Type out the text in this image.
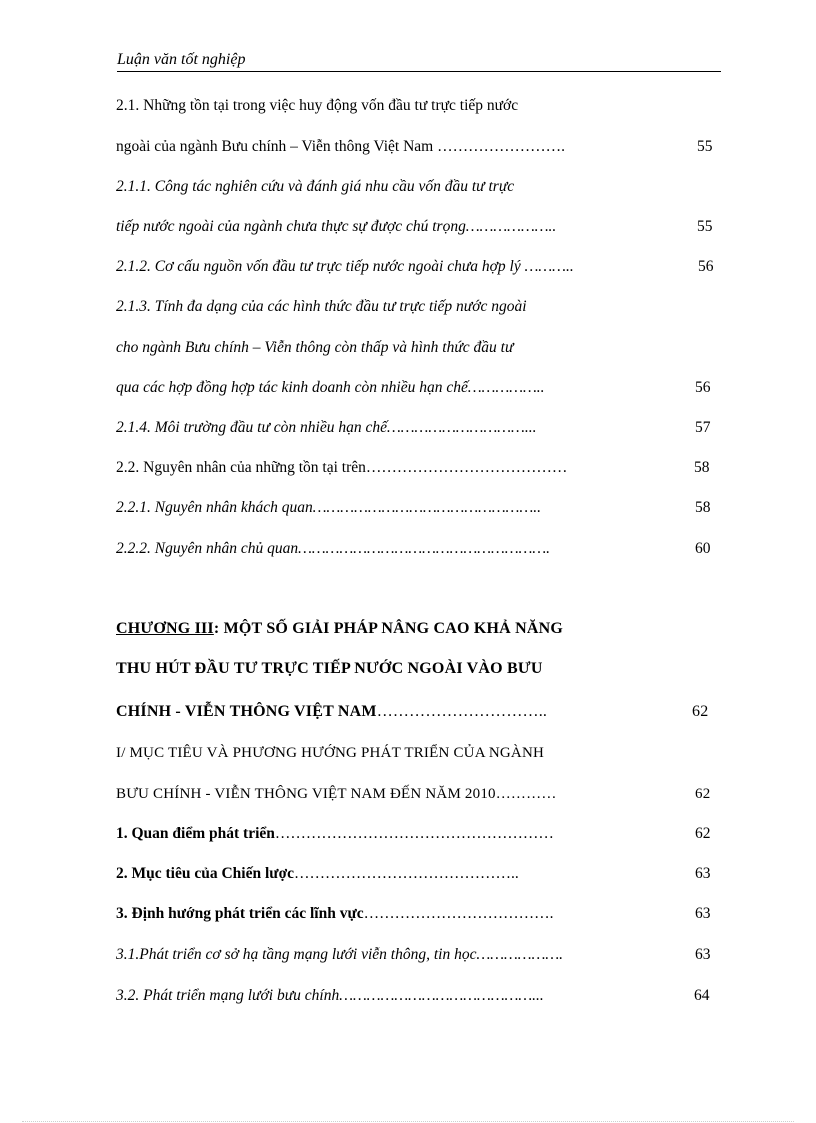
Luận văn tốt nghiệp
2.1. Những tồn tại trong việc huy động vốn đầu tư trực tiếp nước
ngoài của ngành Bưu chính – Viễn thông Việt Nam …………………….	55
2.1.1. Công tác nghiên cứu và đánh giá nhu cầu vốn đầu tư trực
tiếp nước ngoài của ngành chưa thực sự được chú trọng………………..	55
2.1.2. Cơ cấu nguồn vốn đầu tư trực tiếp nước ngoài chưa hợp lý ………..	56
2.1.3. Tính đa dạng của các hình thức đầu tư trực tiếp nước ngoài
cho ngành Bưu chính – Viễn thông còn thấp và hình thức đầu tư
qua các hợp đồng hợp tác kinh doanh còn nhiều hạn chế……………..	56
2.1.4. Môi trường đầu tư còn nhiều hạn chế…………………………...	57
2.2. Nguyên nhân của những tồn tại trên…………………………………	58
2.2.1. Nguyên nhân khách quan…………………………………………..	58
2.2.2. Nguyên nhân chủ quan……………………………………………….	60
CHƯƠNG III: MỘT SỐ GIẢI PHÁP NÂNG CAO KHẢ NĂNG
THU HÚT ĐẦU TƯ TRỰC TIẾP NƯỚC NGOÀI VÀO BƯU
CHÍNH - VIỄN THÔNG VIỆT NAM…………………………..	62
I/ MỤC TIÊU VÀ PHƯƠNG HƯỚNG PHÁT TRIỂN CỦA NGÀNH
BƯU CHÍNH - VIỄN THÔNG VIỆT NAM ĐẾN NĂM 2010…………	62
1. Quan điểm phát triển………………………………………………	62
2. Mục tiêu của Chiến lược……………………………………..	63
3. Định hướng phát triển các lĩnh vực……………………………….	63
3.1.Phát triển cơ sở hạ tầng mạng lưới viễn thông, tin học……………….	63
3.2. Phát triển mạng lưới bưu chính……………………………………...	64
